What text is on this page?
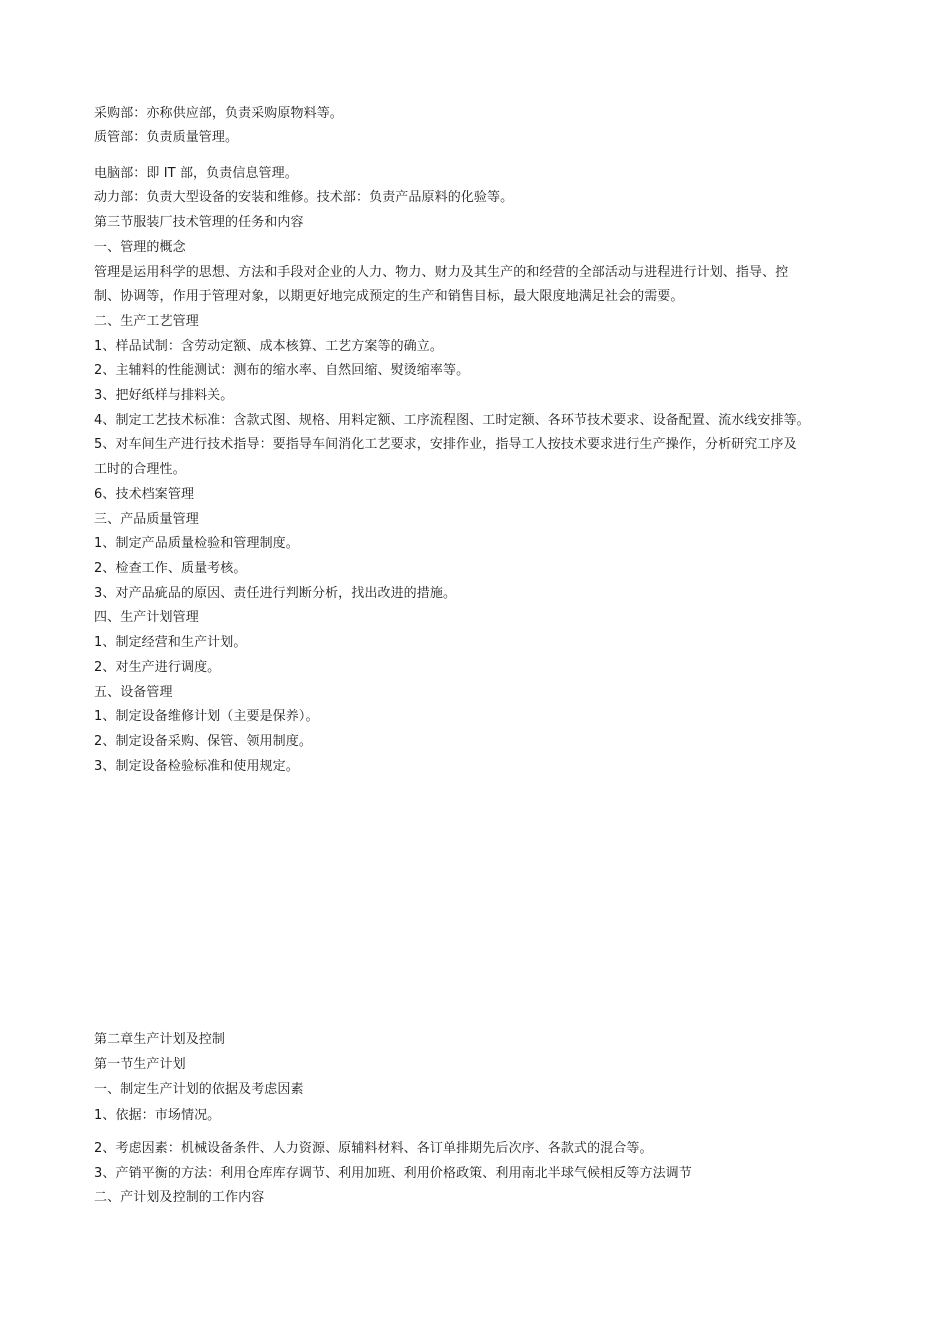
采购部：亦称供应部，负责采购原物料等。
质管部：负责质量管理。
电脑部：即 IT 部，负责信息管理。
动力部：负责大型设备的安装和维修。技术部：负责产品原料的化验等。
第三节服装厂技术管理的任务和内容
一、管理的概念
管理是运用科学的思想、方法和手段对企业的人力、物力、财力及其生产的和经营的全部活动与进程进行计划、指导、控
制、协调等，作用于管理对象，以期更好地完成预定的生产和销售目标，最大限度地满足社会的需要。
二、生产工艺管理
1、样品试制：含劳动定额、成本核算、工艺方案等的确立。
2、主辅料的性能测试：测布的缩水率、自然回缩、熨烫缩率等。
3、把好纸样与排料关。
4、制定工艺技术标准：含款式图、规格、用料定额、工序流程图、工时定额、各环节技术要求、设备配置、流水线安排等。
5、对车间生产进行技术指导：要指导车间消化工艺要求，安排作业，指导工人按技术要求进行生产操作，分析研究工序及
工时的合理性。
6、技术档案管理
三、产品质量管理
1、制定产品质量检验和管理制度。
2、检查工作、质量考核。
3、对产品疵品的原因、责任进行判断分析，找出改进的措施。
四、生产计划管理
1、制定经营和生产计划。
2、对生产进行调度。
五、设备管理
1、制定设备维修计划（主要是保养）。
2、制定设备采购、保管、领用制度。
3、制定设备检验标准和使用规定。
第二章生产计划及控制
第一节生产计划
一、制定生产计划的依据及考虑因素
1、依据：市场情况。
2、考虑因素：机械设备条件、人力资源、原辅料材料、各订单排期先后次序、各款式的混合等。
3、产销平衡的方法：利用仓库库存调节、利用加班、利用价格政策、利用南北半球气候相反等方法调节
二、产计划及控制的工作内容
